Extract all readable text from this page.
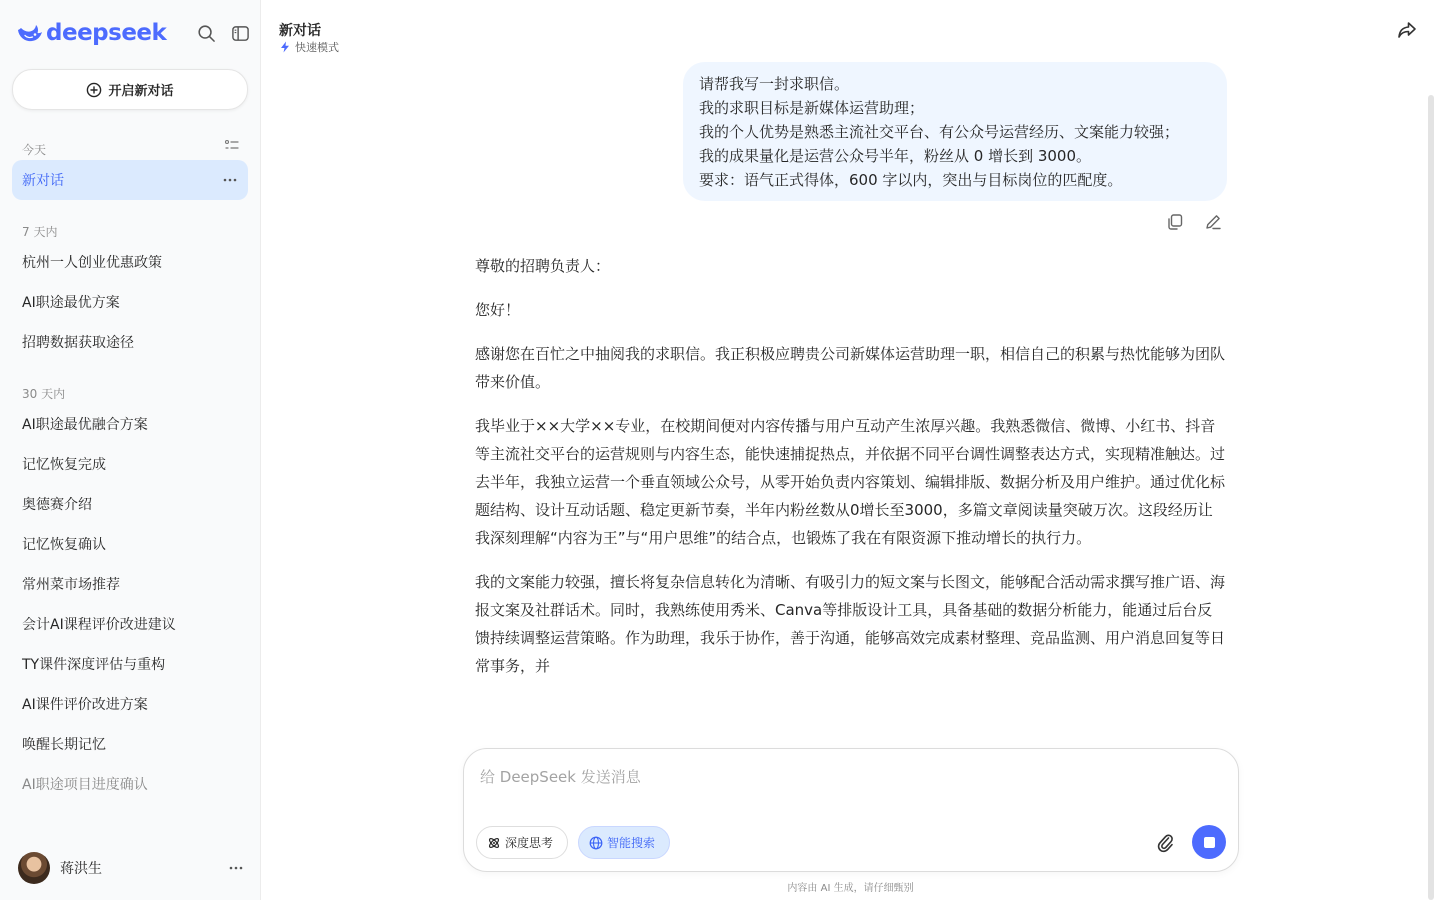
deepseek
开启新对话
今天
新对话
7 天内
杭州一人创业优惠政策
AI职途最优方案
招聘数据获取途径
30 天内
AI职途最优融合方案
记忆恢复完成
奥德赛介绍
记忆恢复确认
常州菜市场推荐
会计AI课程评价改进建议
TY课件深度评估与重构
AI课件评价改进方案
唤醒长期记忆
AI职途项目进度确认
蒋洪生
新对话
快速模式
请帮我写一封求职信。
我的求职目标是新媒体运营助理；
我的个人优势是熟悉主流社交平台、有公众号运营经历、文案能力较强；
我的成果量化是运营公众号半年，粉丝从 0 增长到 3000。
要求：语气正式得体，600 字以内，突出与目标岗位的匹配度。

尊敬的招聘负责人：

您好！

感谢您在百忙之中抽阅我的求职信。我正积极应聘贵公司新媒体运营助理一职，相信自己的积累与热忱能够为团队带来价值。

我毕业于××大学××专业，在校期间便对内容传播与用户互动产生浓厚兴趣。我熟悉微信、微博、小红书、抖音等主流社交平台的运营规则与内容生态，能快速捕捉热点，并依据不同平台调性调整表达方式，实现精准触达。过去半年，我独立运营一个垂直领域公众号，从零开始负责内容策划、编辑排版、数据分析及用户维护。通过优化标题结构、设计互动话题、稳定更新节奏，半年内粉丝数从0增长至3000，多篇文章阅读量突破万次。这段经历让我深刻理解“内容为王”与“用户思维”的结合点，也锻炼了我在有限资源下推动增长的执行力。

我的文案能力较强，擅长将复杂信息转化为清晰、有吸引力的短文案与长图文，能够配合活动需求撰写推广语、海报文案及社群话术。同时，我熟练使用秀米、Canva等排版设计工具，具备基础的数据分析能力，能通过后台反馈持续调整运营策略。作为助理，我乐于协作，善于沟通，能够高效完成素材整理、竞品监测、用户消息回复等日常事务，并

给 DeepSeek 发送消息
深度思考	智能搜索
内容由 AI 生成，请仔细甄别
